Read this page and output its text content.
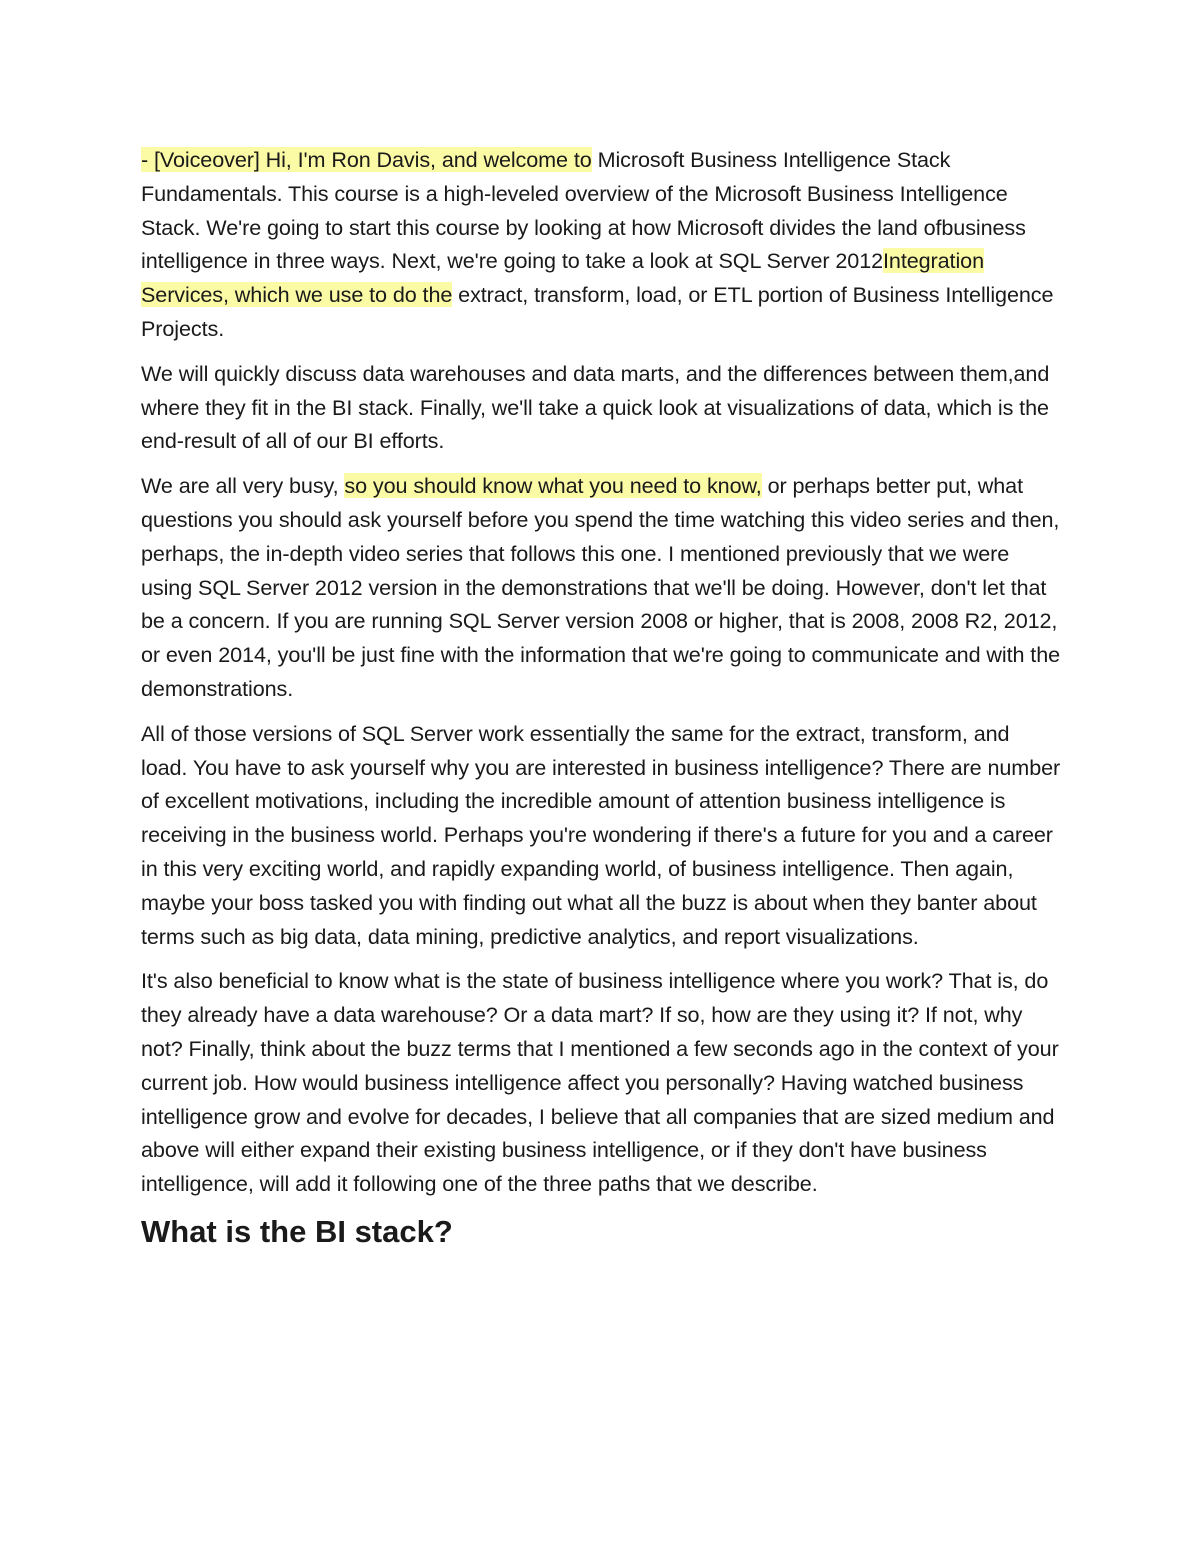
- [Voiceover] Hi, I'm Ron Davis, and welcome to Microsoft Business Intelligence Stack Fundamentals. This course is a high-leveled overview of the Microsoft Business Intelligence Stack. We're going to start this course by looking at how Microsoft divides the land ofbusiness intelligence in three ways. Next, we're going to take a look at SQL Server 2012Integration Services, which we use to do the extract, transform, load, or ETL portion of Business Intelligence Projects.

We will quickly discuss data warehouses and data marts, and the differences between them,and where they fit in the BI stack. Finally, we'll take a quick look at visualizations of data, which is the end-result of all of our BI efforts.

We are all very busy, so you should know what you need to know, or perhaps better put, what questions you should ask yourself before you spend the time watching this video series and then, perhaps, the in-depth video series that follows this one. I mentioned previously that we were using SQL Server 2012 version in the demonstrations that we'll be doing. However, don't let that be a concern. If you are running SQL Server version 2008 or higher, that is 2008, 2008 R2, 2012, or even 2014, you'll be just fine with the information that we're going to communicate and with the demonstrations.

All of those versions of SQL Server work essentially the same for the extract, transform, and load. You have to ask yourself why you are interested in business intelligence? There are number of excellent motivations, including the incredible amount of attention business intelligence is receiving in the business world. Perhaps you're wondering if there's a future for you and a career in this very exciting world, and rapidly expanding world, of business intelligence. Then again, maybe your boss tasked you with finding out what all the buzz is about when they banter about terms such as big data, data mining, predictive analytics, and report visualizations.

It's also beneficial to know what is the state of business intelligence where you work? That is, do they already have a data warehouse? Or a data mart? If so, how are they using it? If not, why not? Finally, think about the buzz terms that I mentioned a few seconds ago in the context of your current job. How would business intelligence affect you personally? Having watched business intelligence grow and evolve for decades, I believe that all companies that are sized medium and above will either expand their existing business intelligence, or if they don't have business intelligence, will add it following one of the three paths that we describe.

What is the BI stack?
